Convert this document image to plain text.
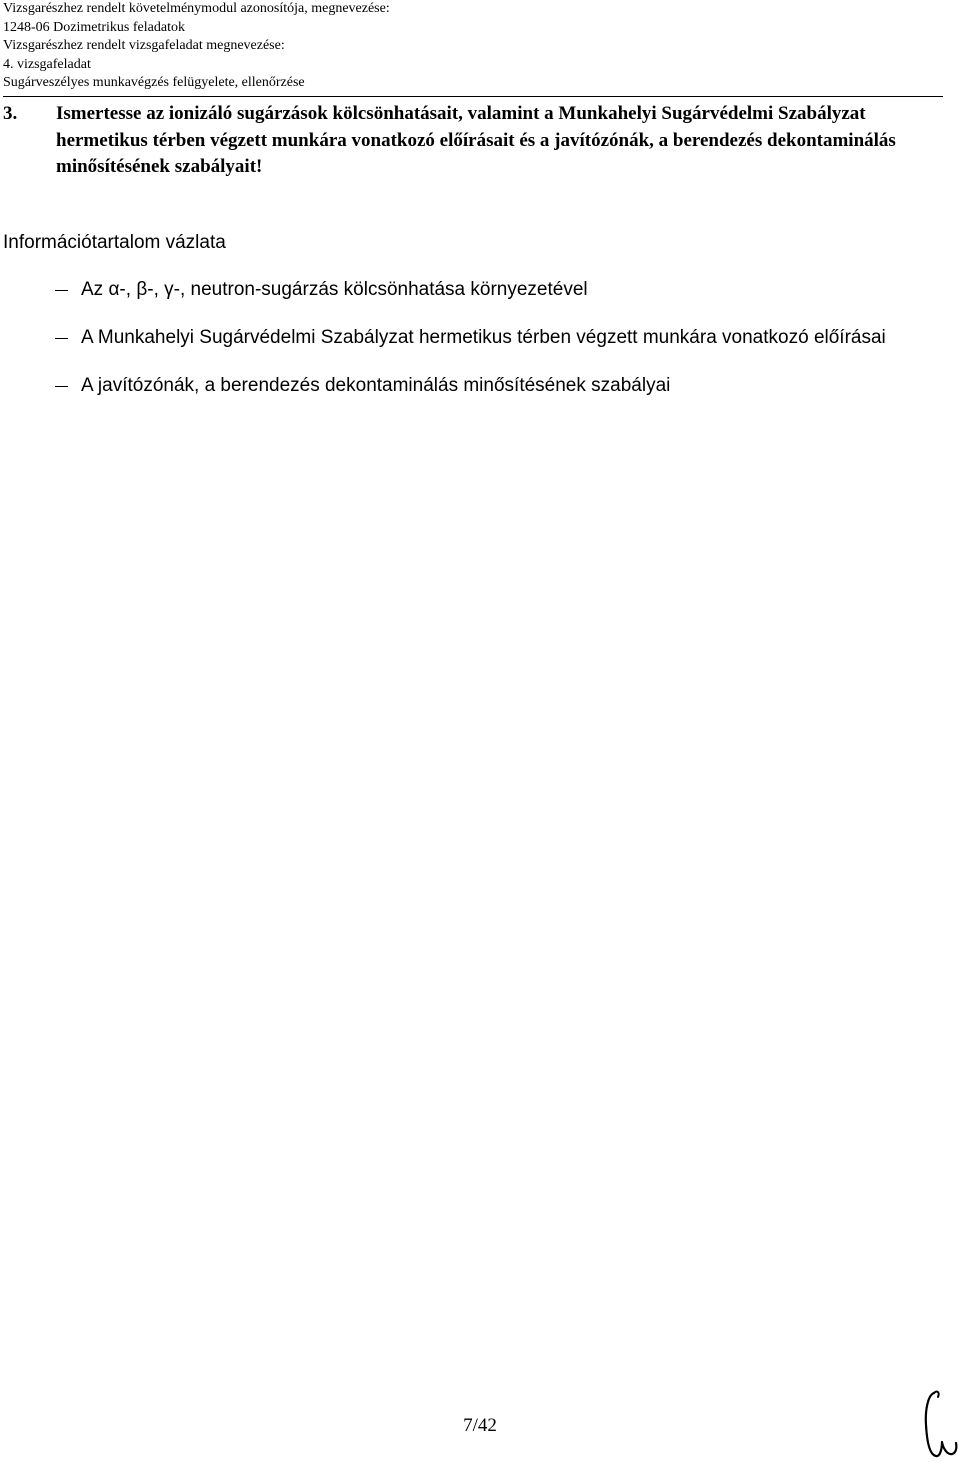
Vizsgarészhez rendelt követelménymodul azonosítója, megnevezése:
1248-06 Dozimetrikus feladatok
Vizsgarészhez rendelt vizsgafeladat megnevezése:
4. vizsgafeladat
Sugárveszélyes munkavégzés felügyelete, ellenőrzése
3. Ismertesse az ionizáló sugárzások kölcsönhatásait, valamint a Munkahelyi Sugárvédelmi Szabályzat hermetikus térben végzett munkára vonatkozó előírásait és a javítózónák, a berendezés dekontaminálás minősítésének szabályait!
Információtartalom vázlata
Az α-, β-, γ-, neutron-sugárzás kölcsönhatása környezetével
A Munkahelyi Sugárvédelmi Szabályzat hermetikus térben végzett munkára vonatkozó előírásai
A javítózónák, a berendezés dekontaminálás minősítésének szabályai
7/42
